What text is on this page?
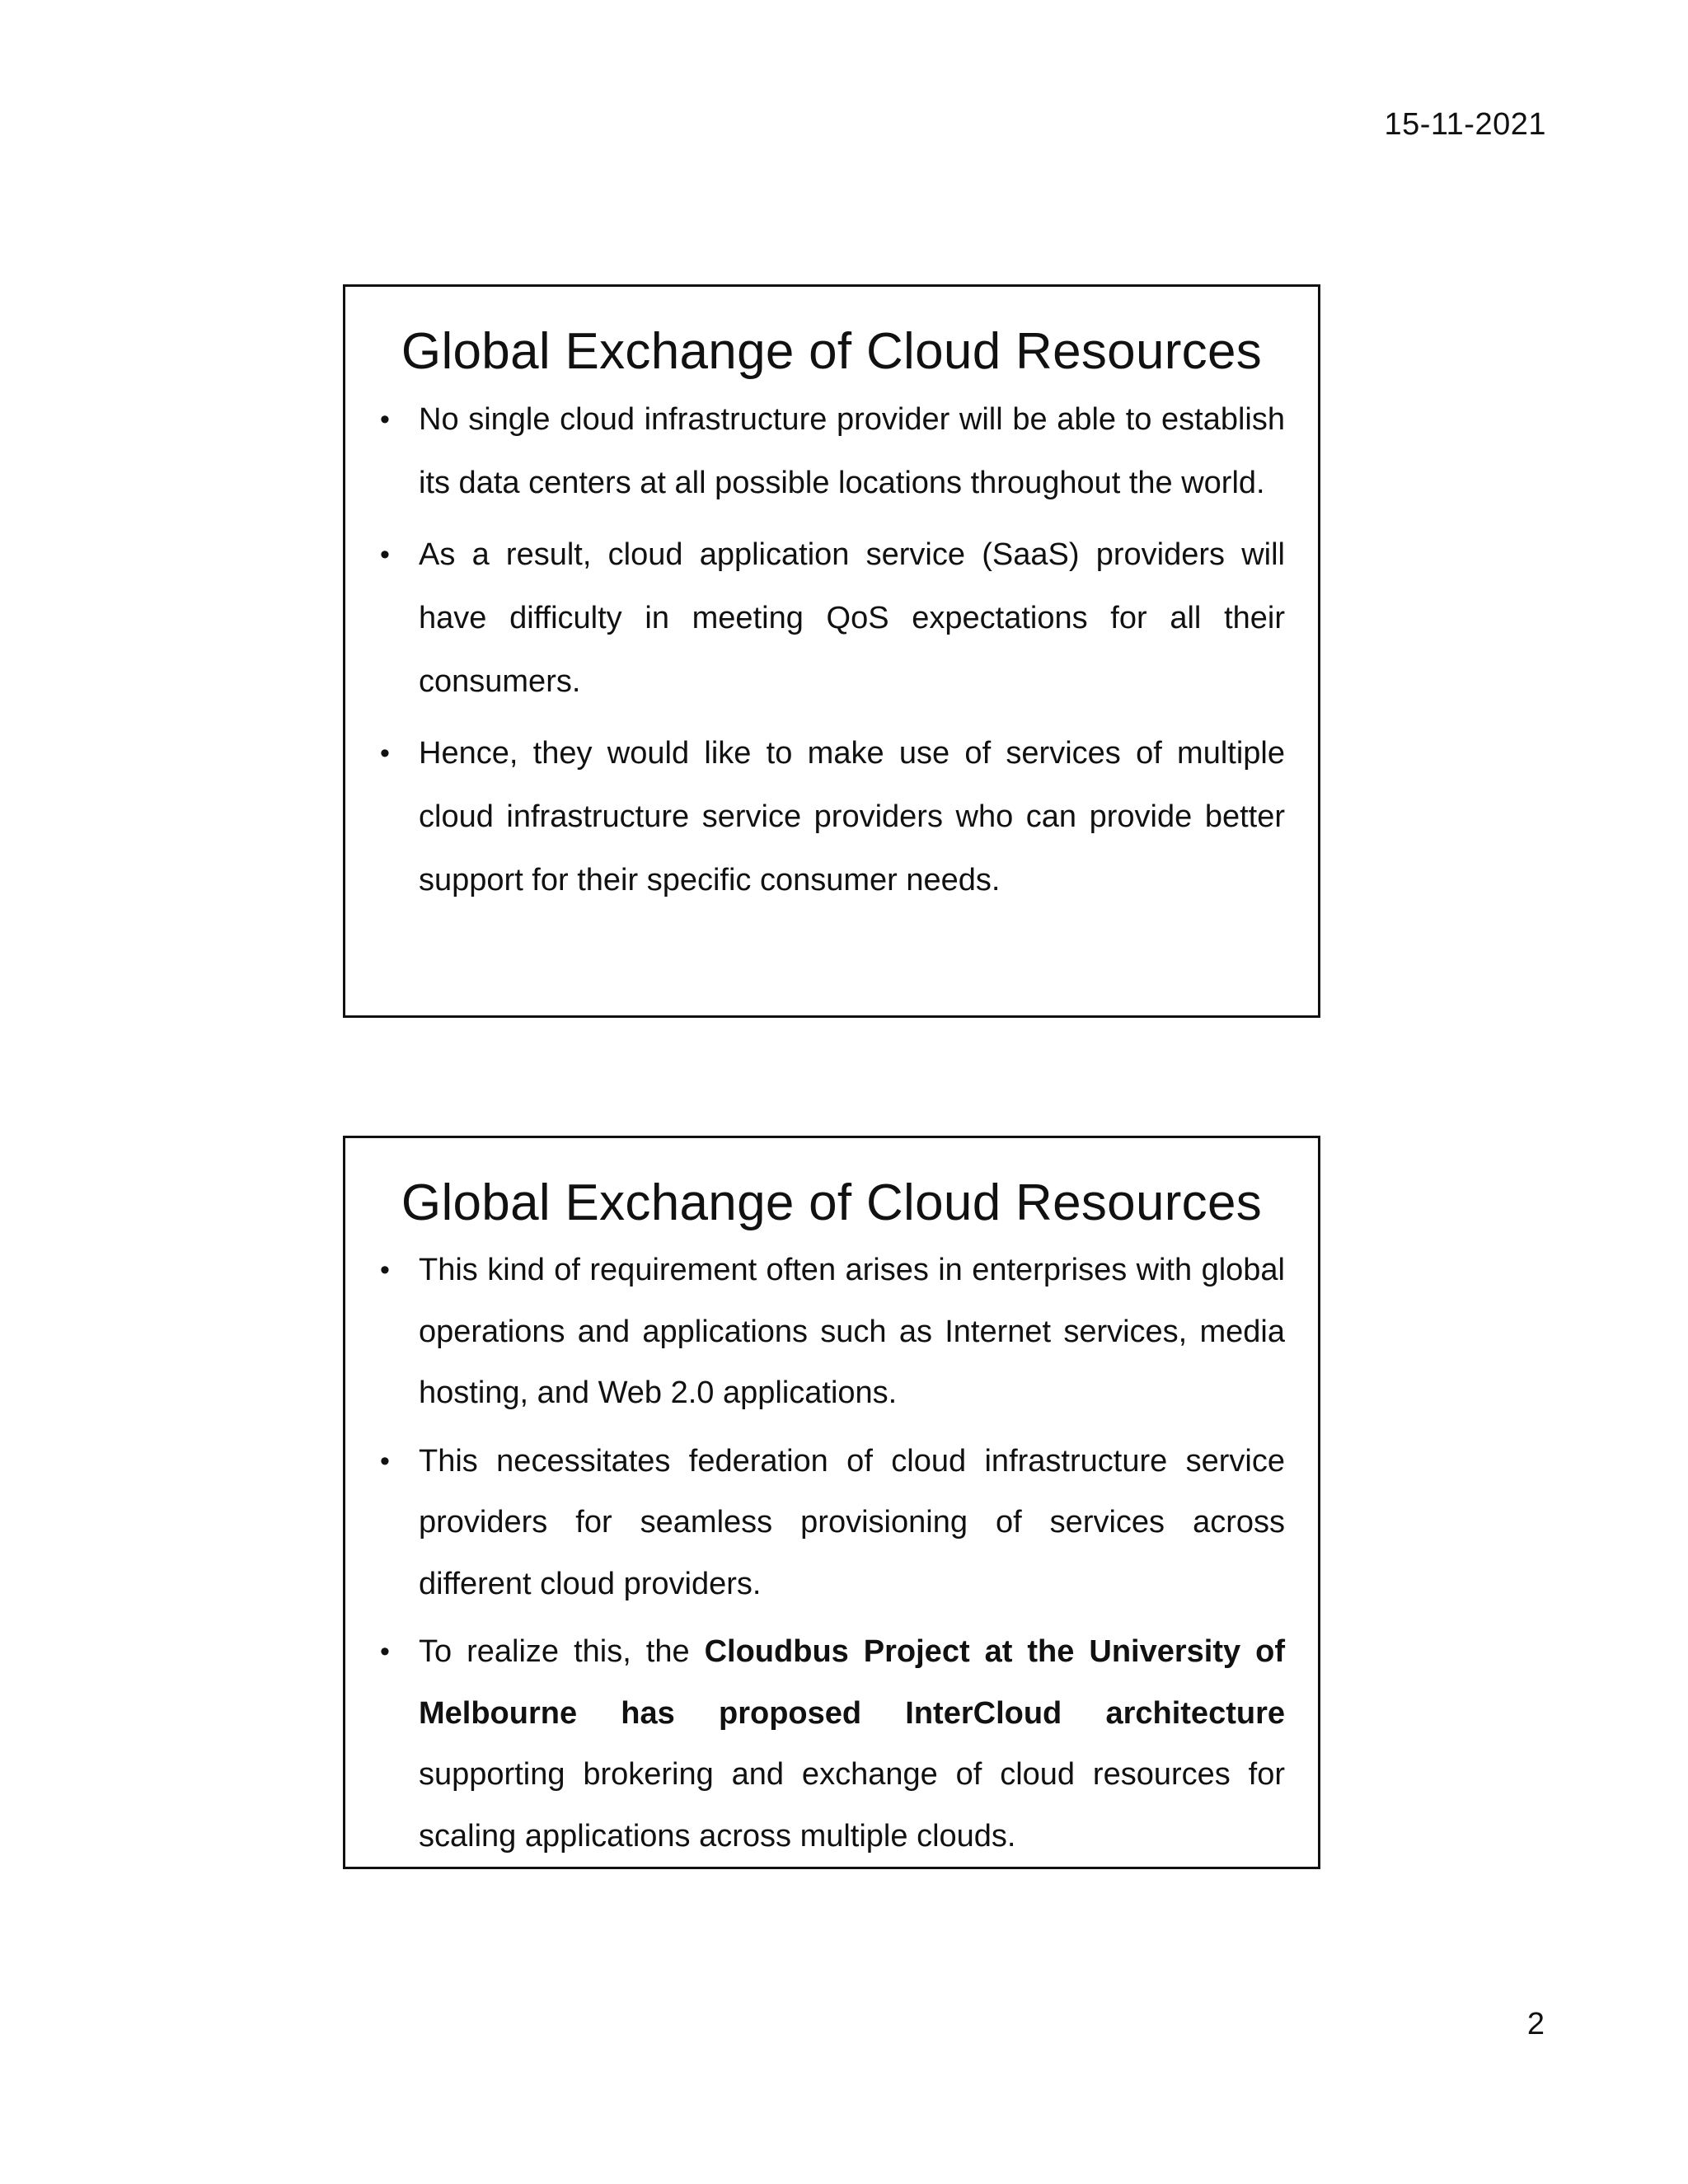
15-11-2021
Global Exchange of Cloud Resources
• No single cloud infrastructure provider will be able to establish its data centers at all possible locations throughout the world.
• As a result, cloud application service (SaaS) providers will have difficulty in meeting QoS expectations for all their consumers.
• Hence, they would like to make use of services of multiple cloud infrastructure service providers who can provide better support for their specific consumer needs.
Global Exchange of Cloud Resources
• This kind of requirement often arises in enterprises with global operations and applications such as Internet services, media hosting, and Web 2.0 applications.
• This necessitates federation of cloud infrastructure service providers for seamless provisioning of services across different cloud providers.
• To realize this, the Cloudbus Project at the University of Melbourne has proposed InterCloud architecture supporting brokering and exchange of cloud resources for scaling applications across multiple clouds.
2
